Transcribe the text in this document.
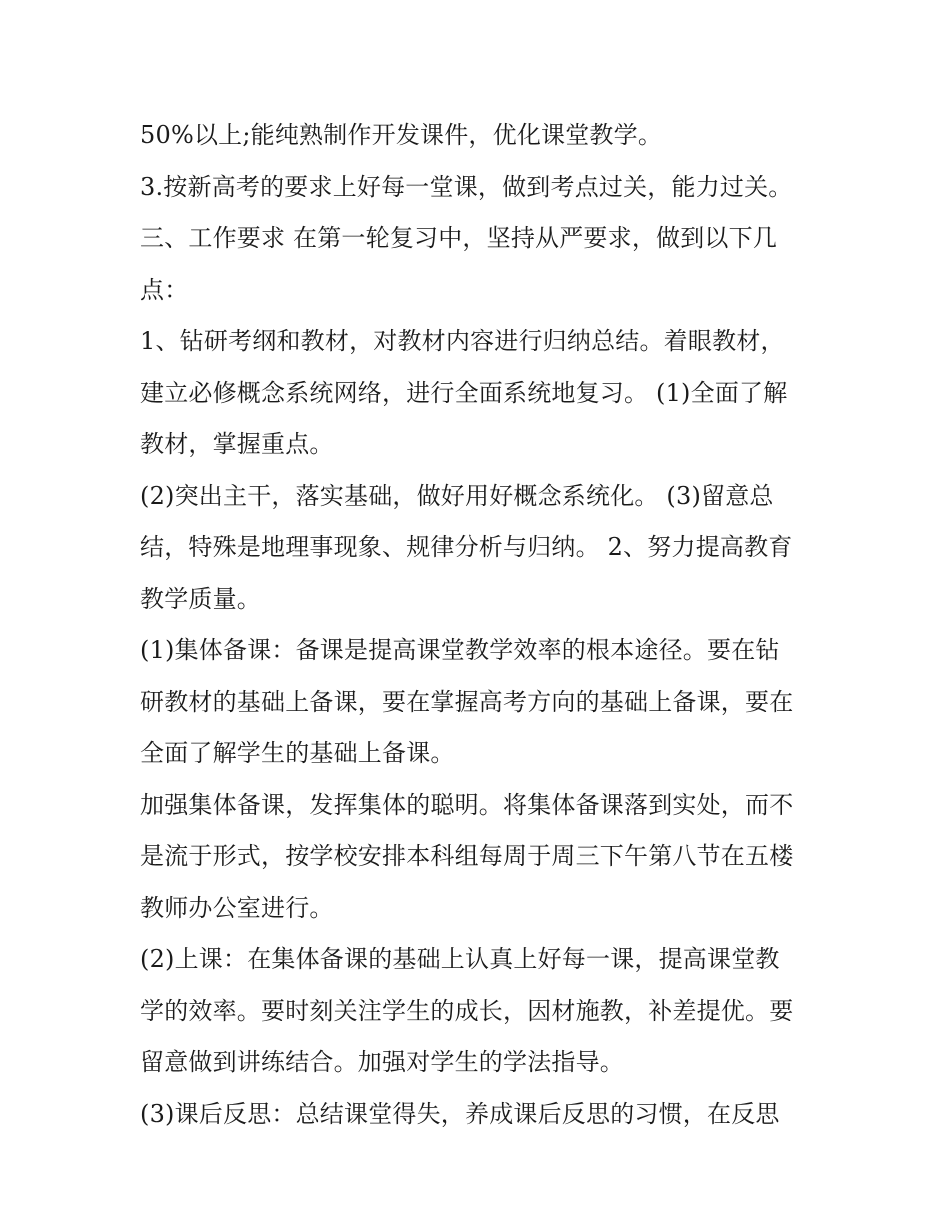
50%以上;能纯熟制作开发课件，优化课堂教学。
3.按新高考的要求上好每一堂课，做到考点过关，能力过关。
三、工作要求 在第一轮复习中，坚持从严要求，做到以下几
点：
1、钻研考纲和教材，对教材内容进行归纳总结。着眼教材，
建立必修概念系统网络，进行全面系统地复习。 (1)全面了解
教材，掌握重点。
(2)突出主干，落实基础，做好用好概念系统化。 (3)留意总
结，特殊是地理事现象、规律分析与归纳。 2、努力提高教育
教学质量。
(1)集体备课：备课是提高课堂教学效率的根本途径。要在钻
研教材的基础上备课，要在掌握高考方向的基础上备课，要在
全面了解学生的基础上备课。
加强集体备课，发挥集体的聪明。将集体备课落到实处，而不
是流于形式，按学校安排本科组每周于周三下午第八节在五楼
教师办公室进行。
(2)上课：在集体备课的基础上认真上好每一课，提高课堂教
学的效率。要时刻关注学生的成长，因材施教，补差提优。要
留意做到讲练结合。加强对学生的学法指导。
(3)课后反思：总结课堂得失，养成课后反思的习惯，在反思
